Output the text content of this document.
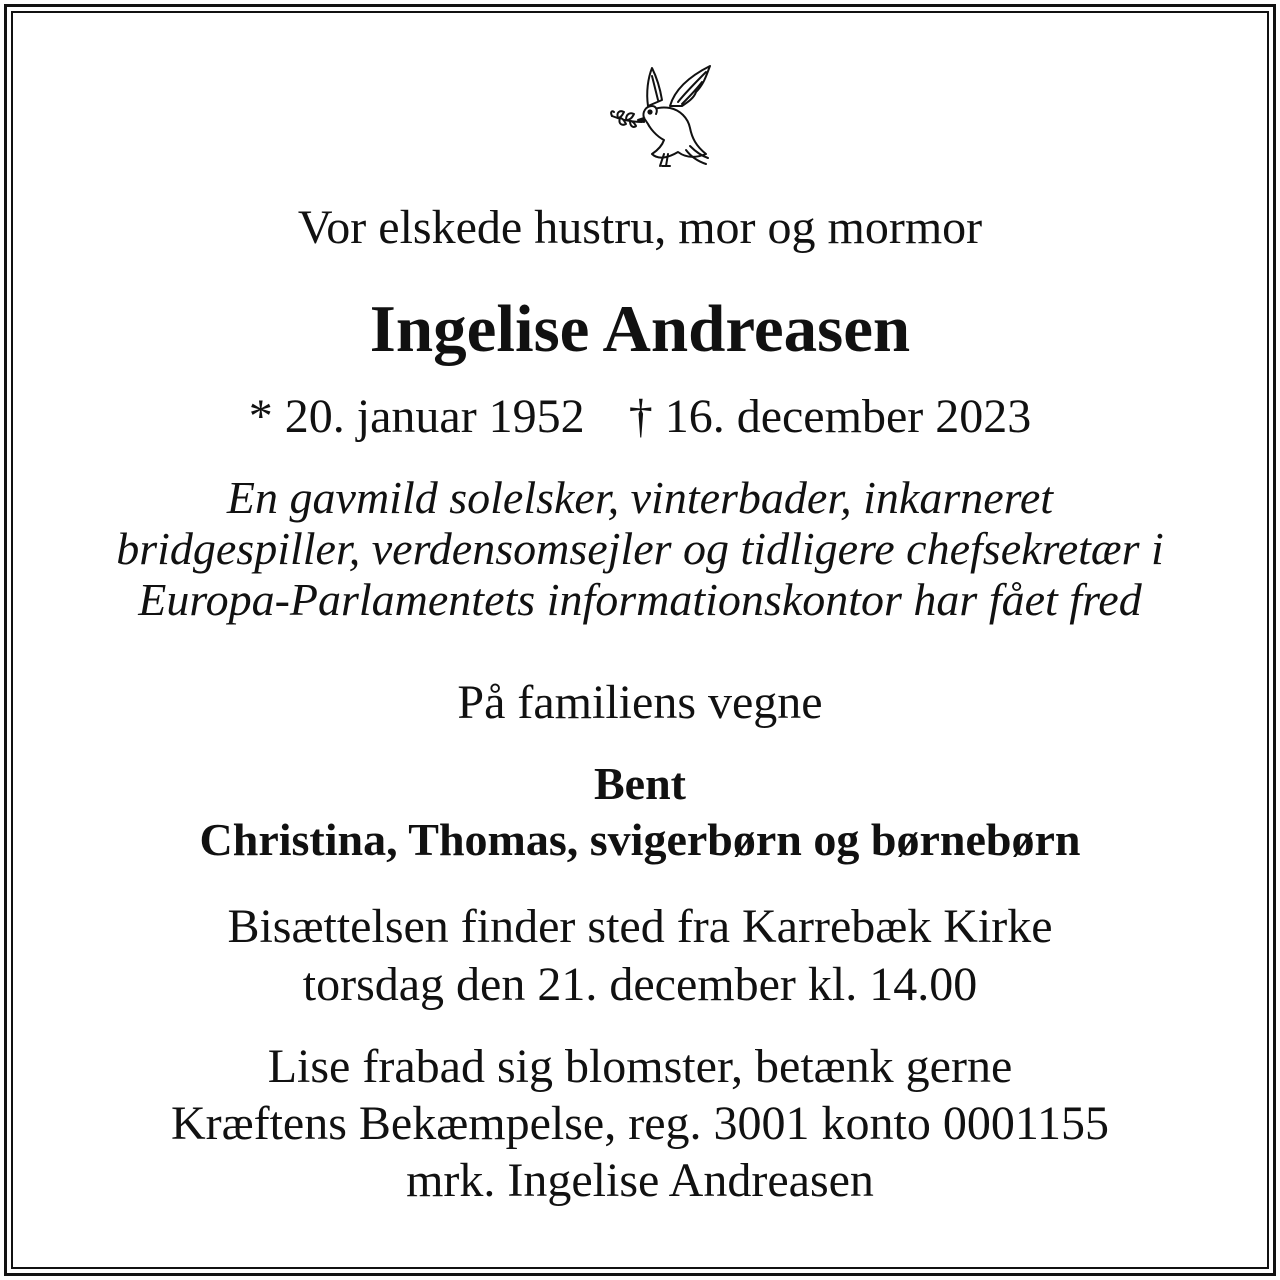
Vor elskede hustru, mor og mormor
Ingelise Andreasen
* 20. januar 1952 † 16. december 2023
En gavmild solelsker, vinterbader, inkarneret
bridgespiller, verdensomsejler og tidligere chefsekretær i
Europa-Parlamentets informationskontor har fået fred
På familiens vegne
Bent
Christina, Thomas, svigerbørn og børnebørn
Bisættelsen finder sted fra Karrebæk Kirke
torsdag den 21. december kl. 14.00
Lise frabad sig blomster, betænk gerne
Kræftens Bekæmpelse, reg. 3001 konto 0001155
mrk. Ingelise Andreasen
